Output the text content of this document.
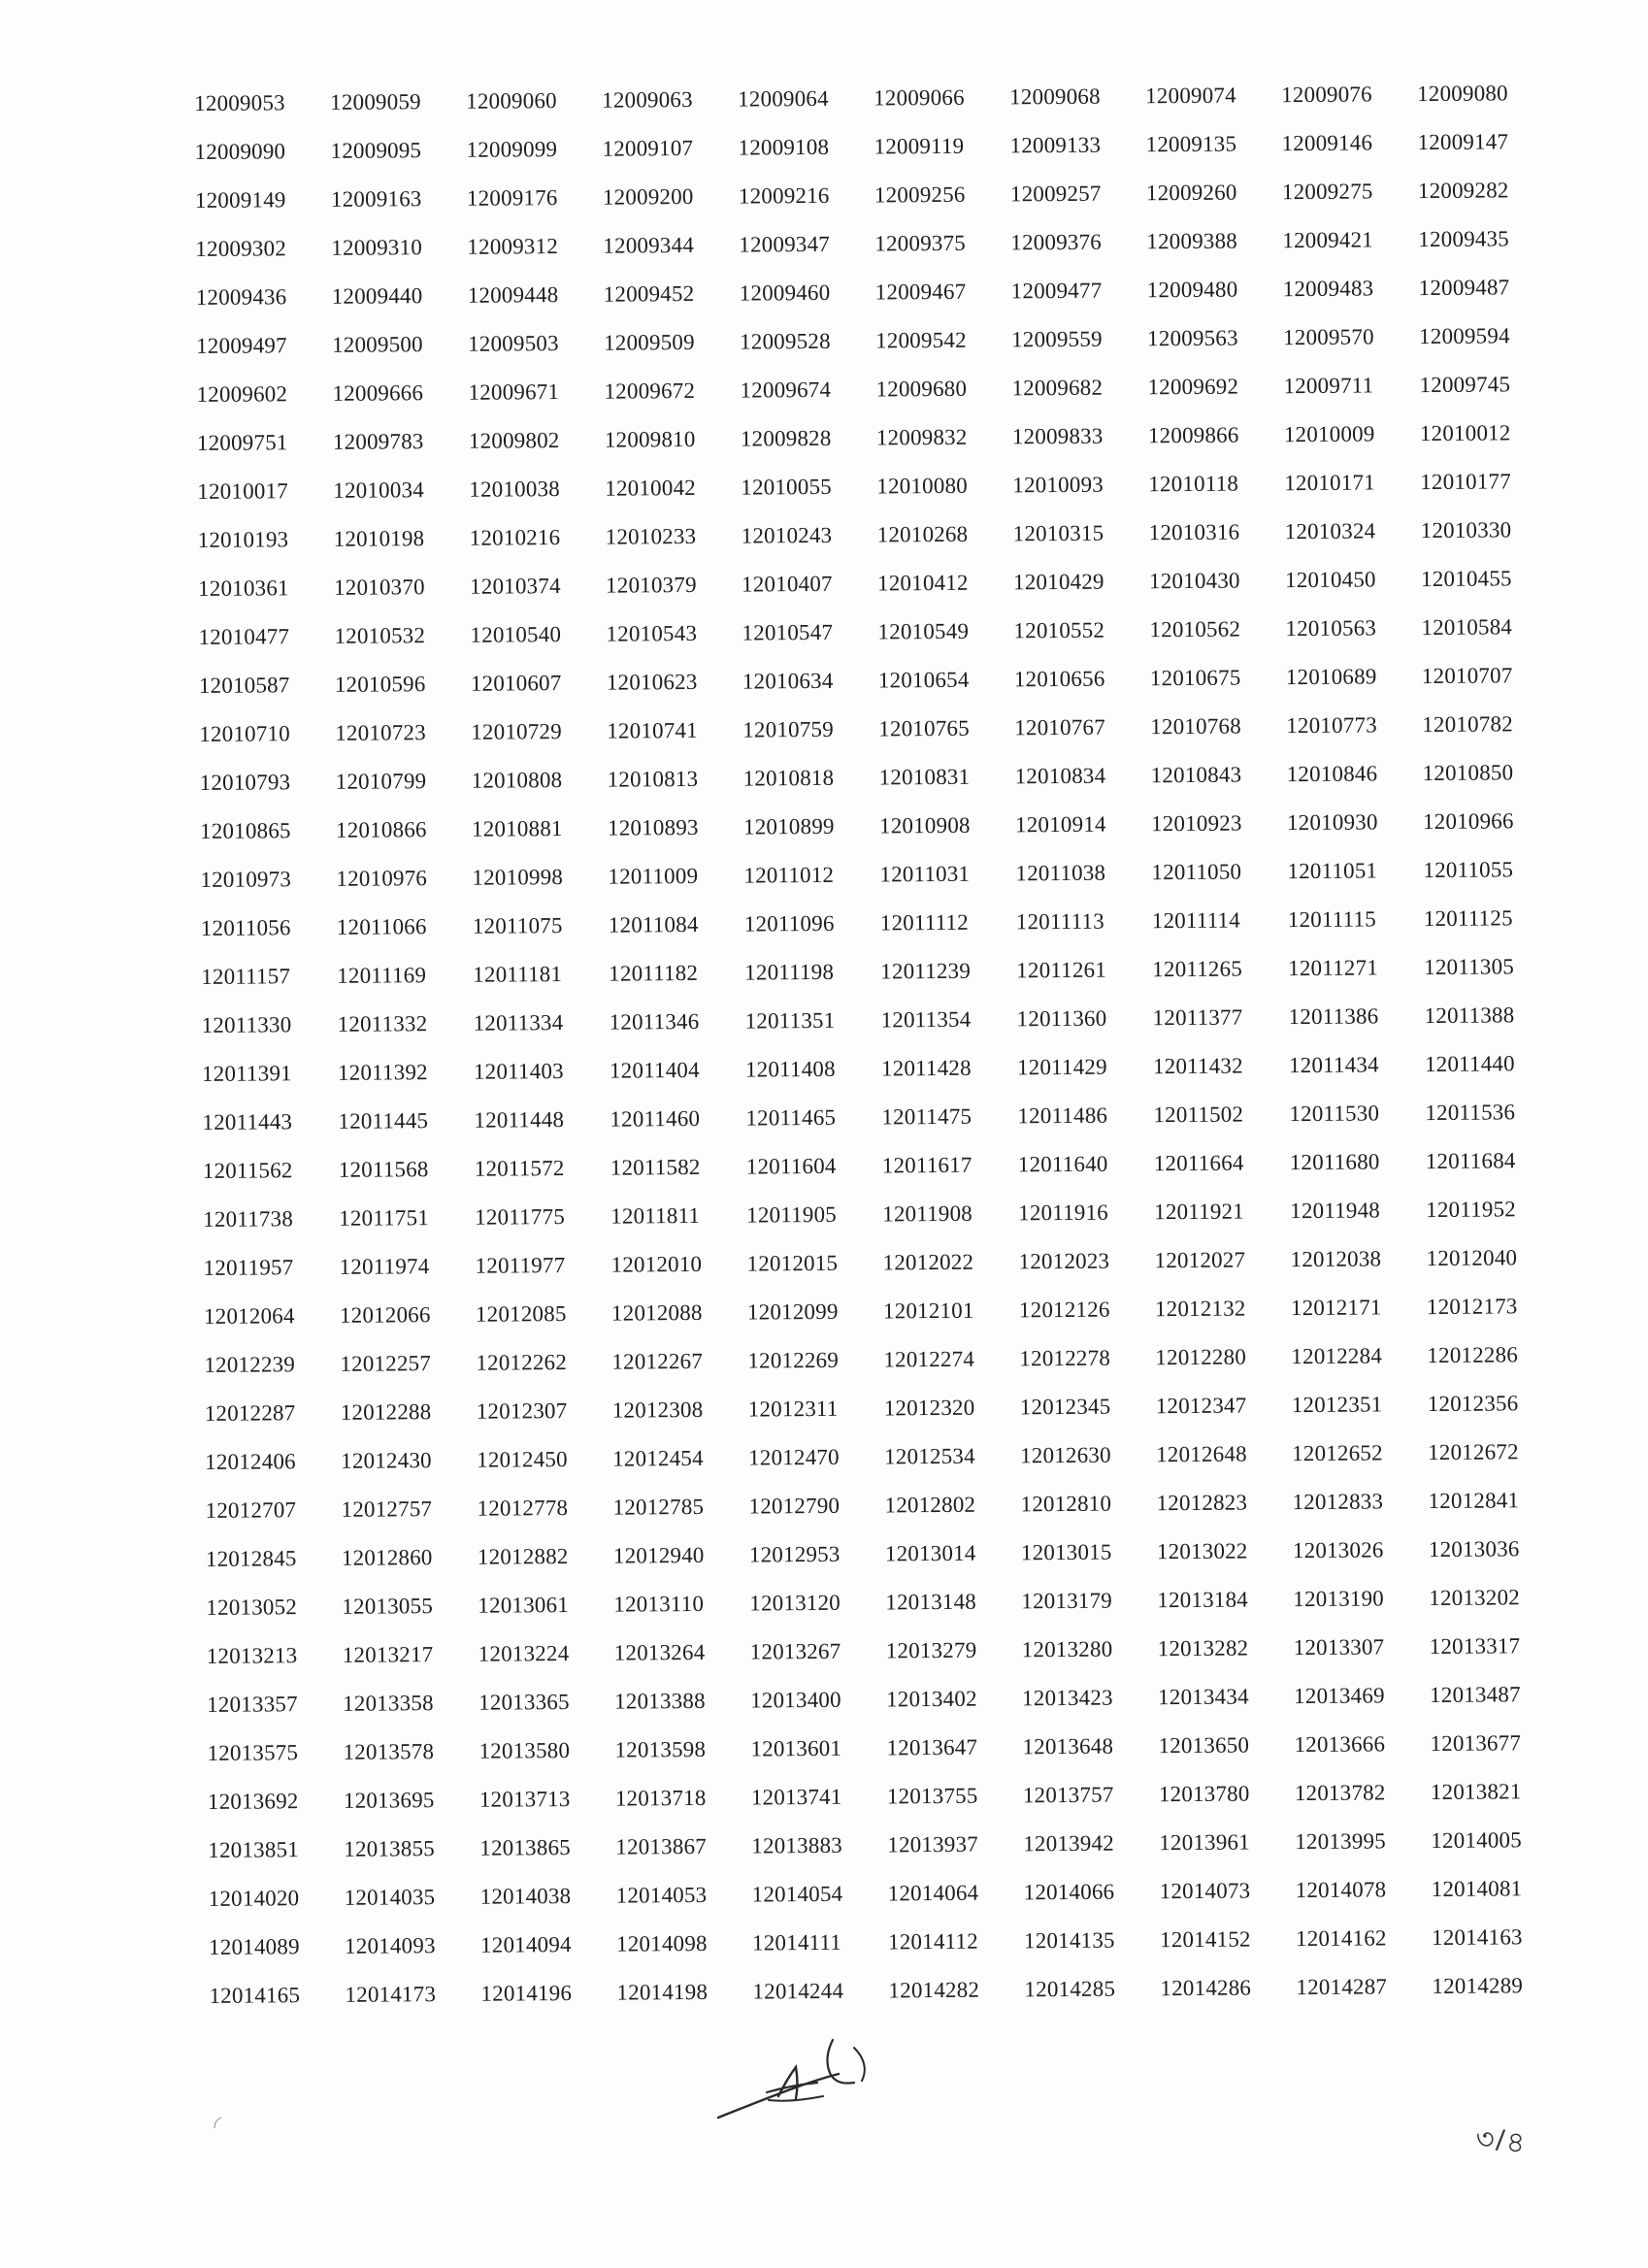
12009053	12009059	12009060	12009063	12009064	12009066	12009068	12009074	12009076	12009080
12009090	12009095	12009099	12009107	12009108	12009119	12009133	12009135	12009146	12009147
12009149	12009163	12009176	12009200	12009216	12009256	12009257	12009260	12009275	12009282
12009302	12009310	12009312	12009344	12009347	12009375	12009376	12009388	12009421	12009435
12009436	12009440	12009448	12009452	12009460	12009467	12009477	12009480	12009483	12009487
12009497	12009500	12009503	12009509	12009528	12009542	12009559	12009563	12009570	12009594
12009602	12009666	12009671	12009672	12009674	12009680	12009682	12009692	12009711	12009745
12009751	12009783	12009802	12009810	12009828	12009832	12009833	12009866	12010009	12010012
12010017	12010034	12010038	12010042	12010055	12010080	12010093	12010118	12010171	12010177
12010193	12010198	12010216	12010233	12010243	12010268	12010315	12010316	12010324	12010330
12010361	12010370	12010374	12010379	12010407	12010412	12010429	12010430	12010450	12010455
12010477	12010532	12010540	12010543	12010547	12010549	12010552	12010562	12010563	12010584
12010587	12010596	12010607	12010623	12010634	12010654	12010656	12010675	12010689	12010707
12010710	12010723	12010729	12010741	12010759	12010765	12010767	12010768	12010773	12010782
12010793	12010799	12010808	12010813	12010818	12010831	12010834	12010843	12010846	12010850
12010865	12010866	12010881	12010893	12010899	12010908	12010914	12010923	12010930	12010966
12010973	12010976	12010998	12011009	12011012	12011031	12011038	12011050	12011051	12011055
12011056	12011066	12011075	12011084	12011096	12011112	12011113	12011114	12011115	12011125
12011157	12011169	12011181	12011182	12011198	12011239	12011261	12011265	12011271	12011305
12011330	12011332	12011334	12011346	12011351	12011354	12011360	12011377	12011386	12011388
12011391	12011392	12011403	12011404	12011408	12011428	12011429	12011432	12011434	12011440
12011443	12011445	12011448	12011460	12011465	12011475	12011486	12011502	12011530	12011536
12011562	12011568	12011572	12011582	12011604	12011617	12011640	12011664	12011680	12011684
12011738	12011751	12011775	12011811	12011905	12011908	12011916	12011921	12011948	12011952
12011957	12011974	12011977	12012010	12012015	12012022	12012023	12012027	12012038	12012040
12012064	12012066	12012085	12012088	12012099	12012101	12012126	12012132	12012171	12012173
12012239	12012257	12012262	12012267	12012269	12012274	12012278	12012280	12012284	12012286
12012287	12012288	12012307	12012308	12012311	12012320	12012345	12012347	12012351	12012356
12012406	12012430	12012450	12012454	12012470	12012534	12012630	12012648	12012652	12012672
12012707	12012757	12012778	12012785	12012790	12012802	12012810	12012823	12012833	12012841
12012845	12012860	12012882	12012940	12012953	12013014	12013015	12013022	12013026	12013036
12013052	12013055	12013061	12013110	12013120	12013148	12013179	12013184	12013190	12013202
12013213	12013217	12013224	12013264	12013267	12013279	12013280	12013282	12013307	12013317
12013357	12013358	12013365	12013388	12013400	12013402	12013423	12013434	12013469	12013487
12013575	12013578	12013580	12013598	12013601	12013647	12013648	12013650	12013666	12013677
12013692	12013695	12013713	12013718	12013741	12013755	12013757	12013780	12013782	12013821
12013851	12013855	12013865	12013867	12013883	12013937	12013942	12013961	12013995	12014005
12014020	12014035	12014038	12014053	12014054	12014064	12014066	12014073	12014078	12014081
12014089	12014093	12014094	12014098	12014111	12014112	12014135	12014152	12014162	12014163
12014165	12014173	12014196	12014198	12014244	12014282	12014285	12014286	12014287	12014289
৩/৪
